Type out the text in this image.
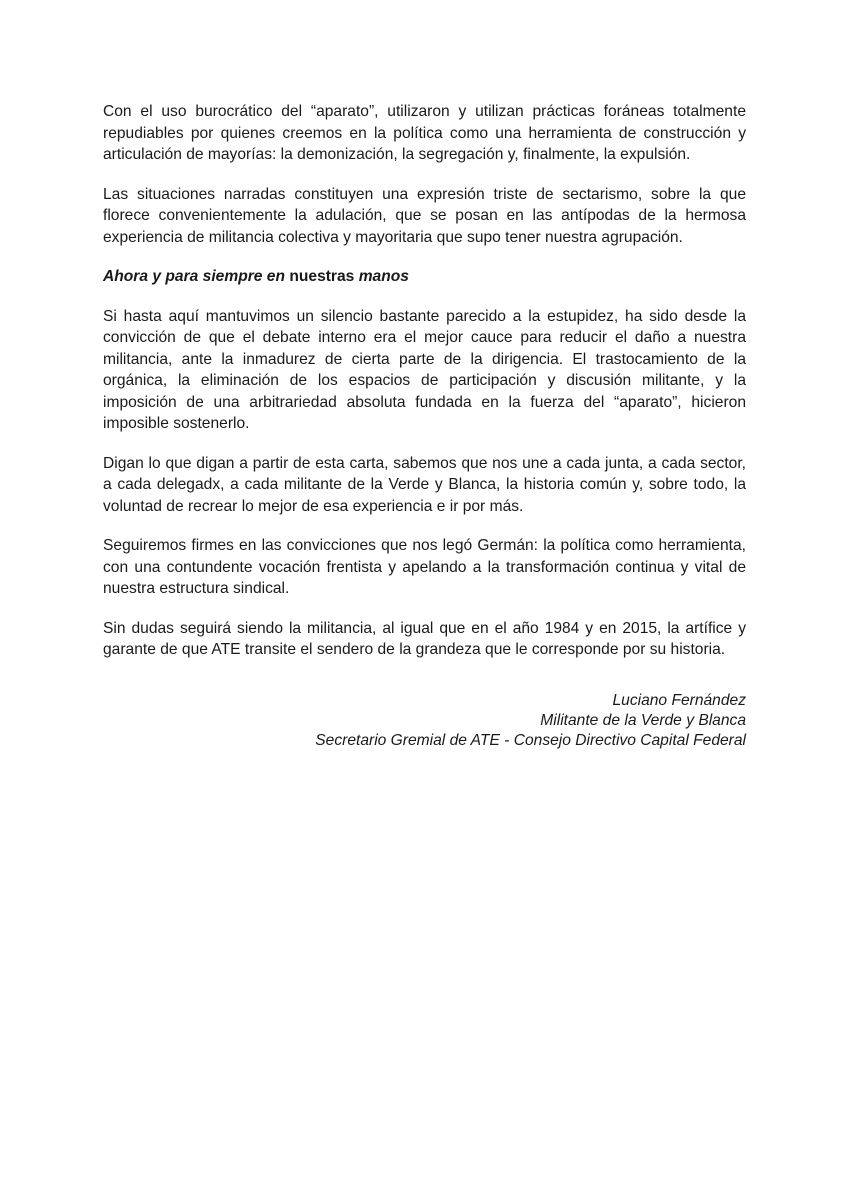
Con el uso burocrático del “aparato”, utilizaron y utilizan prácticas foráneas totalmente repudiables por quienes creemos en la política como una herramienta de construcción y articulación de mayorías: la demonización, la segregación y, finalmente, la expulsión.

Las situaciones narradas constituyen una expresión triste de sectarismo, sobre la que florece convenientemente la adulación, que se posan en las antípodas de la hermosa experiencia de militancia colectiva y mayoritaria que supo tener nuestra agrupación.

Ahora y para siempre en nuestras manos

Si hasta aquí mantuvimos un silencio bastante parecido a la estupidez, ha sido desde la convicción de que el debate interno era el mejor cauce para reducir el daño a nuestra militancia, ante la inmadurez de cierta parte de la dirigencia. El trastocamiento de la orgánica, la eliminación de los espacios de participación y discusión militante, y la imposición de una arbitrariedad absoluta fundada en la fuerza del “aparato”, hicieron imposible sostenerlo.

Digan lo que digan a partir de esta carta, sabemos que nos une a cada junta, a cada sector, a cada delegadx, a cada militante de la Verde y Blanca, la historia común y, sobre todo, la voluntad de recrear lo mejor de esa experiencia e ir por más.

Seguiremos firmes en las convicciones que nos legó Germán: la política como herramienta, con una contundente vocación frentista y apelando a la transformación continua y vital de nuestra estructura sindical.

Sin dudas seguirá siendo la militancia, al igual que en el año 1984 y en 2015, la artífice y garante de que ATE transite el sendero de la grandeza que le corresponde por su historia.

Luciano Fernández
Militante de la Verde y Blanca
Secretario Gremial de ATE - Consejo Directivo Capital Federal
